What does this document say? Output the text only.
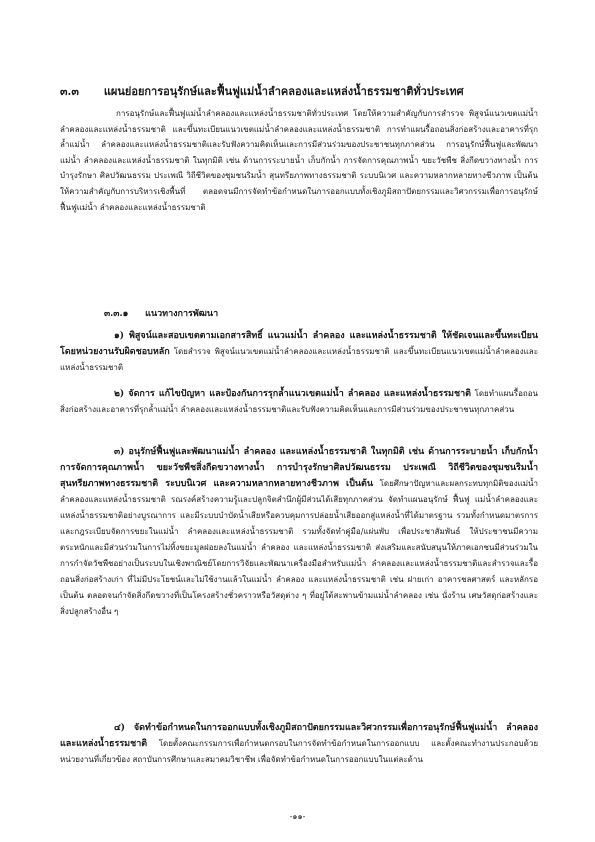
๓.๓ แผนย่อยการอนุรักษ์และฟื้นฟูแม่น้ำลำคลองและแหล่งน้ำธรรมชาติทั่วประเทศ
การอนุรักษ์และฟื้นฟูแม่น้ำลำคลองและแหล่งน้ำธรรมชาติทั่วประเทศ โดยให้ความสำคัญกับการสำรวจ พิสูจน์แนวเขตแม่น้ำลำคลองและแหล่งน้ำธรรมชาติ และขึ้นทะเบียนแนวเขตแม่น้ำลำคลองและแหล่งน้ำธรรมชาติ การทำแผนรื้อถอนสิ่งก่อสร้างและอาคารที่รุกล้ำแม่น้ำ ลำคลองและแหล่งน้ำธรรมชาติและรับฟังความคิดเห็นและการมีส่วนร่วมของประชาชนทุกภาคส่วน การอนุรักษ์ฟื้นฟูและพัฒนาแม่น้ำ ลำคลองและแหล่งน้ำธรรมชาติ ในทุกมิติ เช่น ด้านการระบายน้ำ เก็บกักน้ำ การจัดการคุณภาพน้ำ ขยะวัชพืช สิ่งกีดขวางทางน้ำ การบำรุงรักษา ศิลปวัฒนธรรม ประเพณี วิถีชีวิตของชุมชนริมน้ำ สุนทรียภาพทางธรรมชาติ ระบบนิเวศ และความหลากหลายทางชีวภาพ เป็นต้น ให้ความสำคัญกับการบริหารเชิงพื้นที่ ตลอดจนมีการจัดทำข้อกำหนดในการออกแบบทั้งเชิงภูมิสถาปัตยกรรมและวิศวกรรมเพื่อการอนุรักษ์ฟื้นฟูแม่น้ำ ลำคลองและแหล่งน้ำธรรมชาติ
๓.๓.๑ แนวทางการพัฒนา
๑) พิสูจน์และสอบเขตตามเอกสารสิทธิ์ แนวแม่น้ำ ลำคลอง และแหล่งน้ำธรรมชาติ ให้ชัดเจนและขึ้นทะเบียนโดยหน่วยงานรับผิดชอบหลัก โดยสำรวจ พิสูจน์แนวเขตแม่น้ำลำคลองและแหล่งน้ำธรรมชาติ และขึ้นทะเบียนแนวเขตแม่น้ำลำคลองและแหล่งน้ำธรรมชาติ
๒) จัดการ แก้ไขปัญหา และป้องกันการรุกล้ำแนวเขตแม่น้ำ ลำคลอง และแหล่งน้ำธรรมชาติ โดยทำแผนรื้อถอนสิ่งก่อสร้างและอาคารที่รุกล้ำแม่น้ำ ลำคลองและแหล่งน้ำธรรมชาติและรับฟังความคิดเห็นและการมีส่วนร่วมของประชาชนทุกภาคส่วน
๓) อนุรักษ์ฟื้นฟูและพัฒนาแม่น้ำ ลำคลอง และแหล่งน้ำธรรมชาติ ในทุกมิติ เช่น ด้านการระบายน้ำ เก็บกักน้ำ การจัดการคุณภาพน้ำ ขยะวัชพืชสิ่งกีดขวางทางน้ำ การบำรุงรักษาศิลปวัฒนธรรม ประเพณี วิถีชีวิตของชุมชนริมน้ำ สุนทรียภาพทางธรรมชาติ ระบบนิเวศ และความหลากหลายทางชีวภาพ เป็นต้น โดยศึกษาปัญหาและผลกระทบทุกมิติของแม่น้ำลำคลองและแหล่งน้ำธรรมชาติ รณรงค์สร้างความรู้และปลูกจิตสำนึกผู้มีส่วนได้เสียทุกภาคส่วน จัดทำแผนอนุรักษ์ ฟื้นฟู แม่น้ำลำคลองและแหล่งน้ำธรรมชาติอย่างบูรณาการ และมีระบบบำบัดน้ำเสียหรือควบคุมการปล่อยน้ำเสียออกสู่แหล่งน้ำที่ได้มาตรฐาน รวมทั้งกำหนดมาตรการและกฎระเบียบจัดการขยะในแม่น้ำ ลำคลองและแหล่งน้ำธรรมชาติ รวมทั้งจัดทำคู่มือ/แผ่นพับ เพื่อประชาสัมพันธ์ ให้ประชาชนมีความตระหนักและมีส่วนร่วมในการไม่ทิ้งขยะมูลฝอยลงในแม่น้ำ ลำคลอง และแหล่งน้ำธรรมชาติ ส่งเสริมและสนับสนุนให้ภาคเอกชนมีส่วนร่วมในการกำจัดวัชพืชอย่างเป็นระบบในเชิงพาณิชย์โดยการวิจัยและพัฒนาเครื่องมือสำหรับแม่น้ำ ลำคลองและแหล่งน้ำธรรมชาติและสำรวจและรื้อถอนสิ่งก่อสร้างเก่า ที่ไม่มีประโยชน์และไม่ใช้งานแล้วในแม่น้ำ ลำคลอง และแหล่งน้ำธรรมชาติ เช่น ฝายเก่า อาคารชลศาสตร์ และหลักรอ เป็นต้น ตลอดจนกำจัดสิ่งกีดขวางที่เป็นโครงสร้างชั่วคราวหรือวัสดุต่าง ๆ ที่อยู่ใต้สะพานข้ามแม่น้ำลำคลอง เช่น นั่งร้าน เศษวัสดุก่อสร้างและสิ่งปลูกสร้างอื่น ๆ
๔) จัดทำข้อกำหนดในการออกแบบทั้งเชิงภูมิสถาปัตยกรรมและวิศวกรรมเพื่อการอนุรักษ์ฟื้นฟูแม่น้ำ ลำคลองและแหล่งน้ำธรรมชาติ โดยตั้งคณะกรรมการเพื่อกำหนดกรอบในการจัดทำข้อกำหนดในการออกแบบ และตั้งคณะทำงานประกอบด้วยหน่วยงานที่เกี่ยวข้อง สถาบันการศึกษาและสมาคมวิชาชีพ เพื่อจัดทำข้อกำหนดในการออกแบบในแต่ละด้าน
-๑๑-
